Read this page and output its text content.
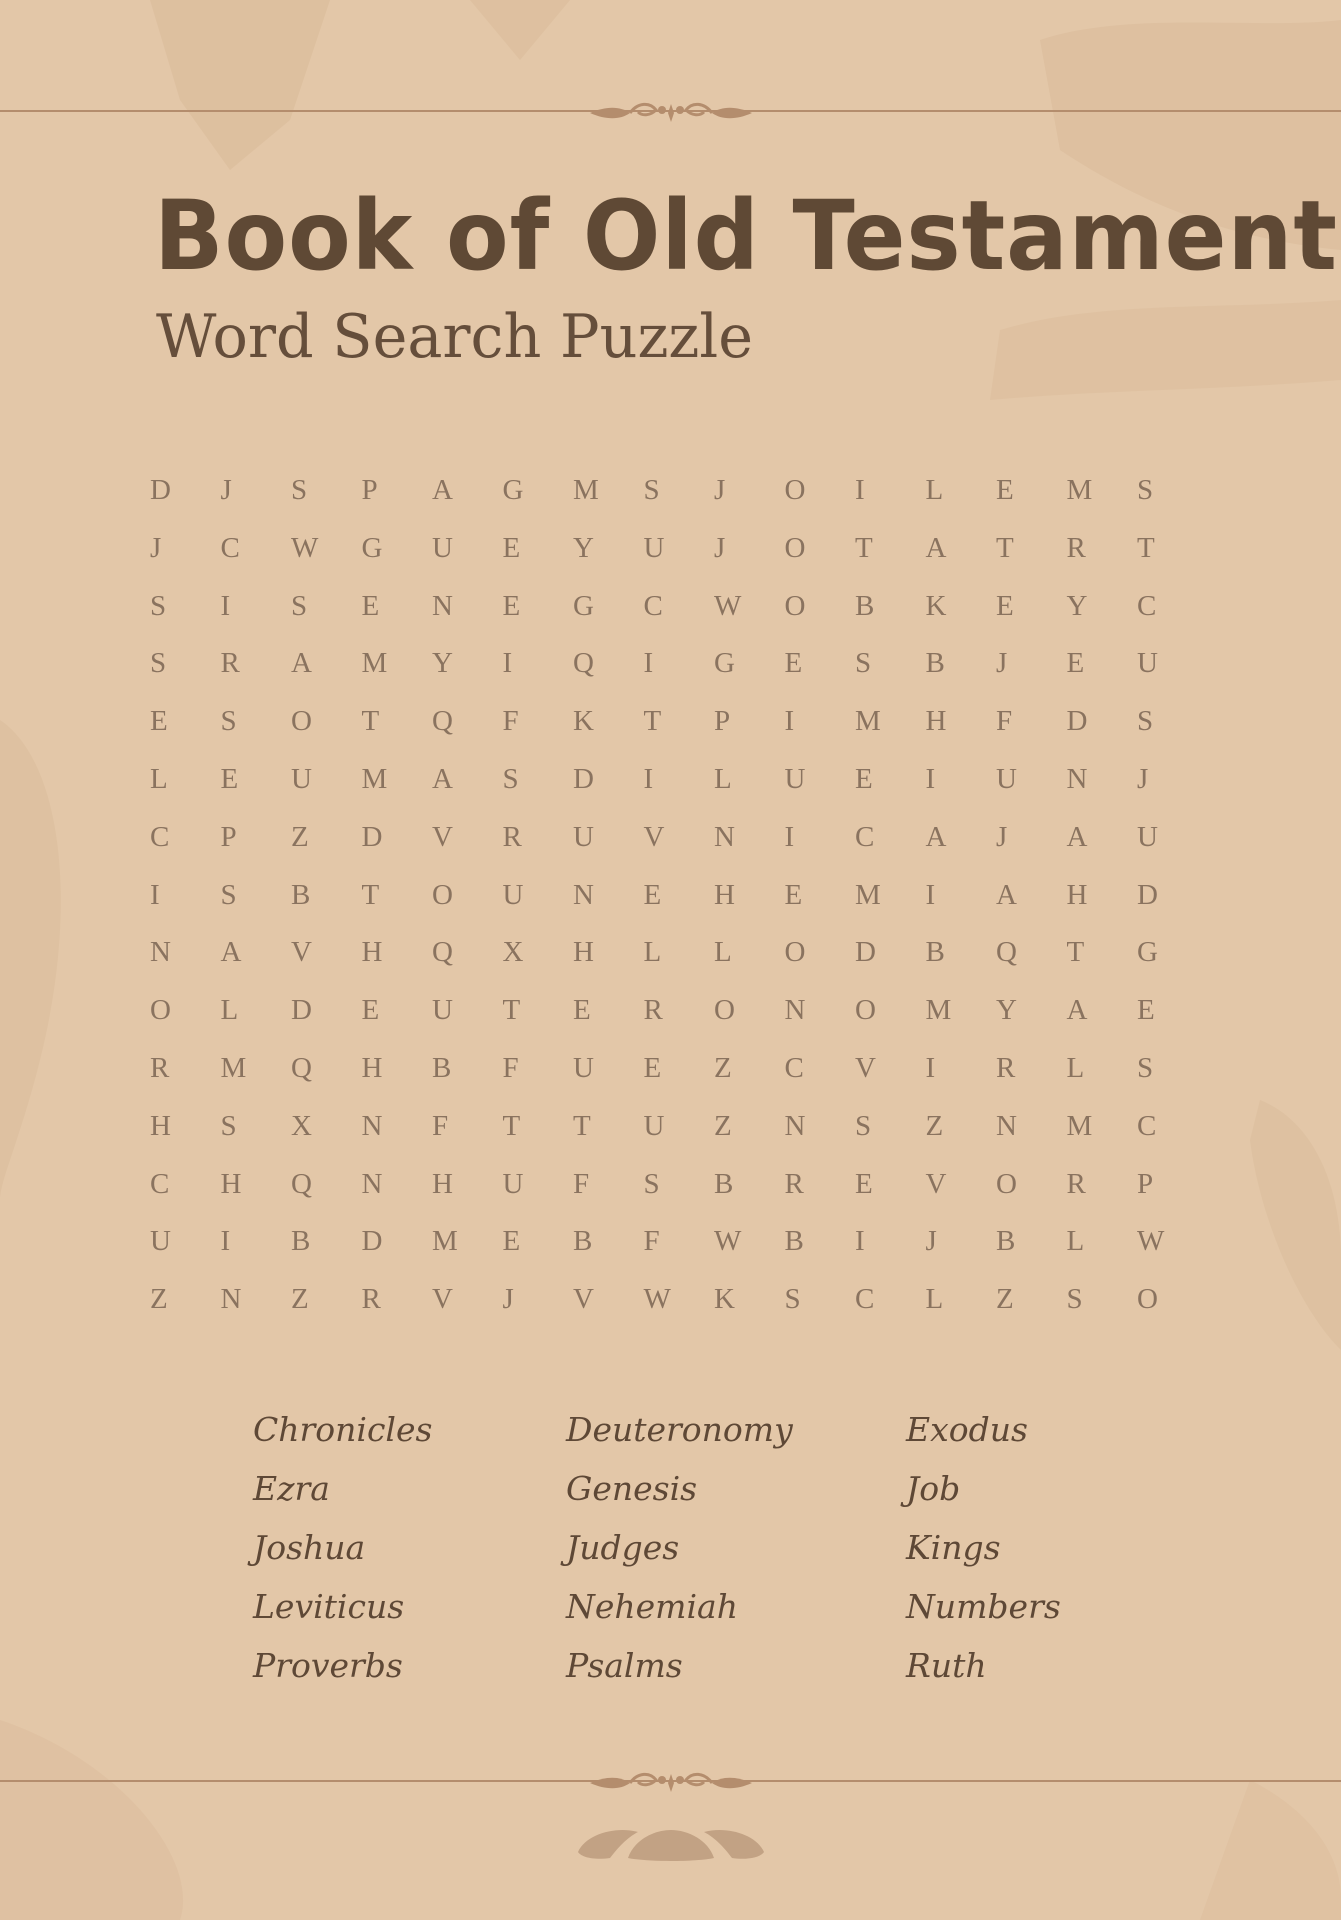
Book of Old Testament
Word Search Puzzle
D	J	S	P	A	G	M	S	J	O	I	L	E	M	S
J	C	W	G	U	E	Y	U	J	O	T	A	T	R	T
S	I	S	E	N	E	G	C	W	O	B	K	E	Y	C
S	R	A	M	Y	I	Q	I	G	E	S	B	J	E	U
E	S	O	T	Q	F	K	T	P	I	M	H	F	D	S
L	E	U	M	A	S	D	I	L	U	E	I	U	N	J
C	P	Z	D	V	R	U	V	N	I	C	A	J	A	U
I	S	B	T	O	U	N	E	H	E	M	I	A	H	D
N	A	V	H	Q	X	H	L	L	O	D	B	Q	T	G
O	L	D	E	U	T	E	R	O	N	O	M	Y	A	E
R	M	Q	H	B	F	U	E	Z	C	V	I	R	L	S
H	S	X	N	F	T	T	U	Z	N	S	Z	N	M	C
C	H	Q	N	H	U	F	S	B	R	E	V	O	R	P
U	I	B	D	M	E	B	F	W	B	I	J	B	L	W
Z	N	Z	R	V	J	V	W	K	S	C	L	Z	S	O
Chronicles	Deuteronomy	Exodus
Ezra	Genesis	Job
Joshua	Judges	Kings
Leviticus	Nehemiah	Numbers
Proverbs	Psalms	Ruth
